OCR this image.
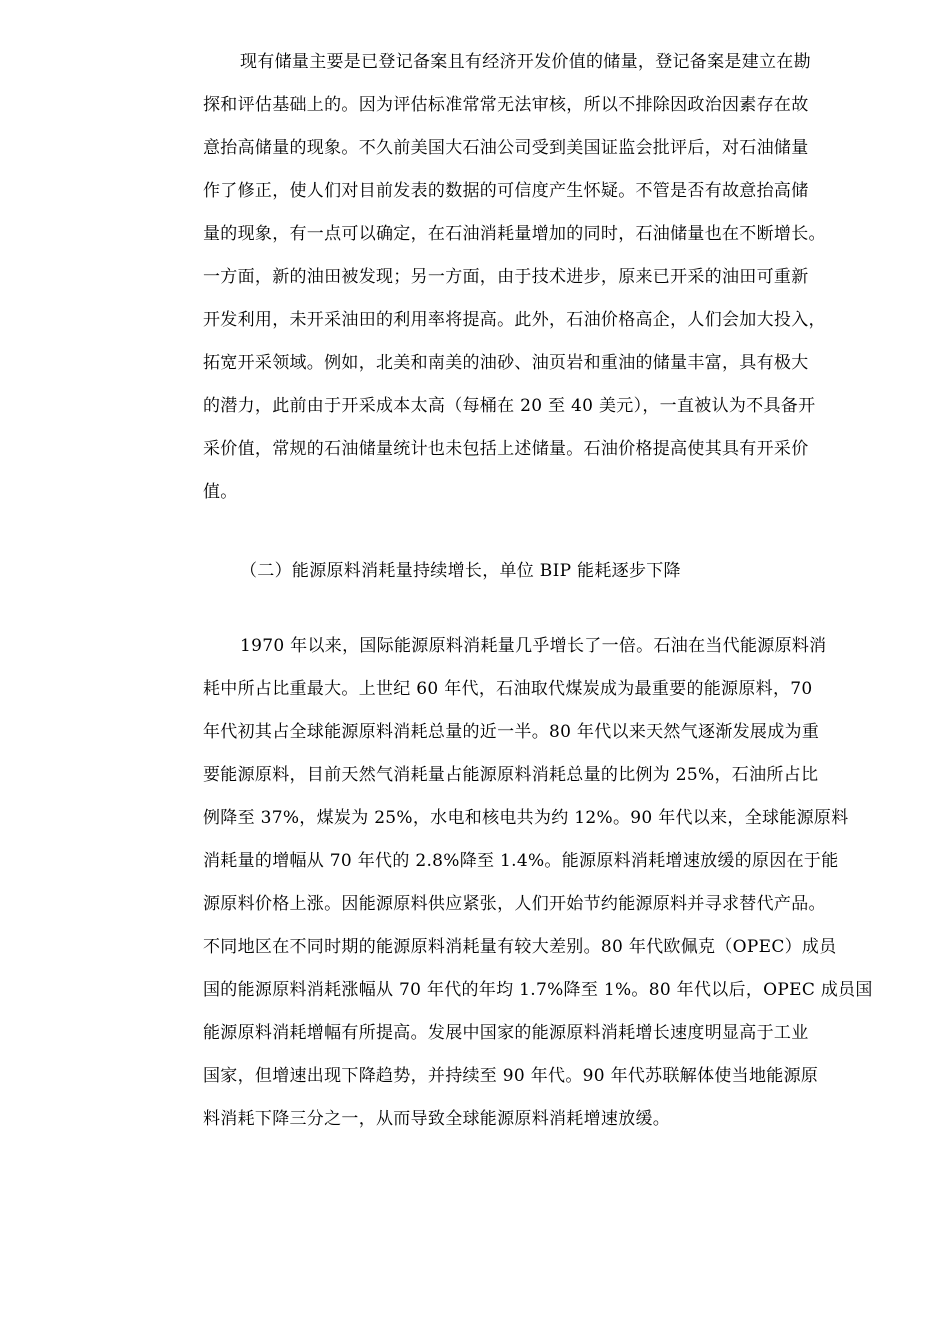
现有储量主要是已登记备案且有经济开发价值的储量，登记备案是建立在勘
探和评估基础上的。因为评估标准常常无法审核，所以不排除因政治因素存在故
意抬高储量的现象。不久前美国大石油公司受到美国证监会批评后，对石油储量
作了修正，使人们对目前发表的数据的可信度产生怀疑。不管是否有故意抬高储
量的现象，有一点可以确定，在石油消耗量增加的同时，石油储量也在不断增长。
一方面，新的油田被发现；另一方面，由于技术进步，原来已开采的油田可重新
开发利用，未开采油田的利用率将提高。此外，石油价格高企，人们会加大投入，
拓宽开采领域。例如，北美和南美的油砂、油页岩和重油的储量丰富，具有极大
的潜力，此前由于开采成本太高（每桶在 20 至 40 美元），一直被认为不具备开
采价值，常规的石油储量统计也未包括上述储量。石油价格提高使其具有开采价
值。
（二）能源原料消耗量持续增长，单位 BIP 能耗逐步下降
1970 年以来，国际能源原料消耗量几乎增长了一倍。石油在当代能源原料消
耗中所占比重最大。上世纪 60 年代，石油取代煤炭成为最重要的能源原料，70
年代初其占全球能源原料消耗总量的近一半。80 年代以来天然气逐渐发展成为重
要能源原料，目前天然气消耗量占能源原料消耗总量的比例为 25%，石油所占比
例降至 37%，煤炭为 25%，水电和核电共为约 12%。90 年代以来，全球能源原料
消耗量的增幅从 70 年代的 2.8%降至 1.4%。能源原料消耗增速放缓的原因在于能
源原料价格上涨。因能源原料供应紧张，人们开始节约能源原料并寻求替代产品。
不同地区在不同时期的能源原料消耗量有较大差别。80 年代欧佩克（OPEC）成员
国的能源原料消耗涨幅从 70 年代的年均 1.7%降至 1%。80 年代以后，OPEC 成员国
能源原料消耗增幅有所提高。发展中国家的能源原料消耗增长速度明显高于工业
国家，但增速出现下降趋势，并持续至 90 年代。90 年代苏联解体使当地能源原
料消耗下降三分之一，从而导致全球能源原料消耗增速放缓。
